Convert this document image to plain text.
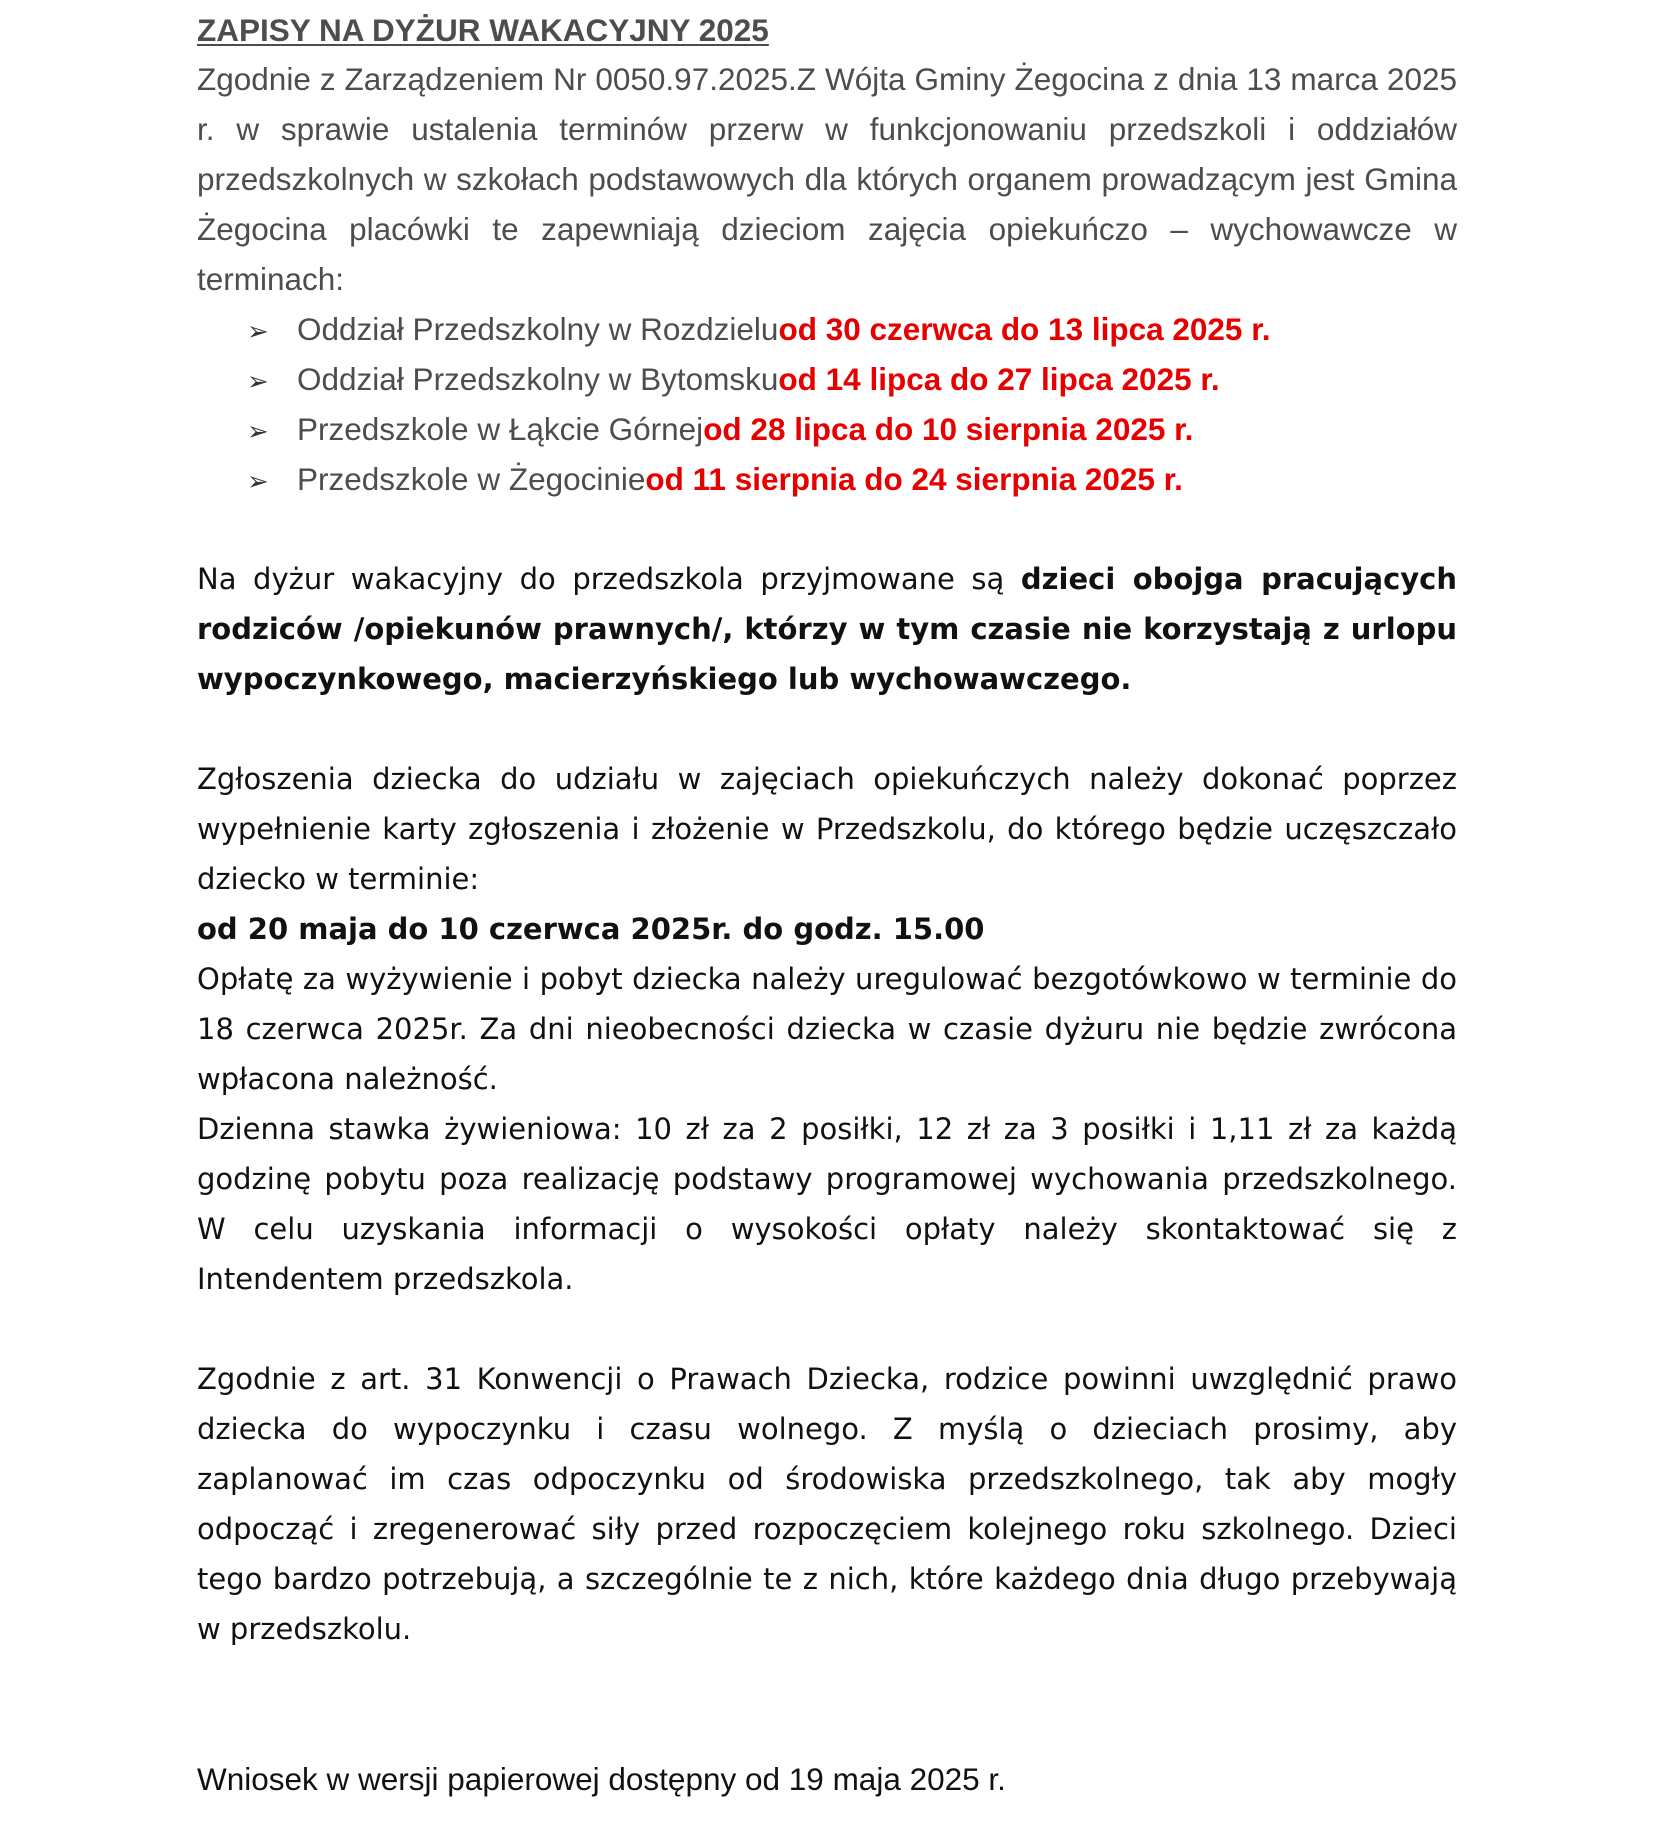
ZAPISY NA DYŻUR WAKACYJNY 2025

Zgodnie z Zarządzeniem Nr 0050.97.2025.Z Wójta Gminy Żegocina z dnia 13 marca 2025 r. w sprawie ustalenia terminów przerw w funkcjonowaniu przedszkoli i oddziałów przedszkolnych w szkołach podstawowych dla których organem prowadzącym jest Gmina Żegocina placówki te zapewniają dzieciom zajęcia opiekuńczo – wychowawcze w terminach:

➢ Oddział Przedszkolny w Rozdzielu od 30 czerwca do 13 lipca 2025 r.
➢ Oddział Przedszkolny w Bytomsku od 14 lipca do 27 lipca 2025 r.
➢ Przedszkole w Łąkcie Górnej od 28 lipca do 10 sierpnia 2025 r.
➢ Przedszkole w Żegocinie od 11 sierpnia do 24 sierpnia 2025 r.

Na dyżur wakacyjny do przedszkola przyjmowane są dzieci obojga pracujących rodziców /opiekunów prawnych/, którzy w tym czasie nie korzystają z urlopu wypoczynkowego, macierzyńskiego lub wychowawczego.

Zgłoszenia dziecka do udziału w zajęciach opiekuńczych należy dokonać poprzez wypełnienie karty zgłoszenia i złożenie w Przedszkolu, do którego będzie uczęszczało dziecko w terminie:

od 20 maja do 10 czerwca 2025r. do godz. 15.00

Opłatę za wyżywienie i pobyt dziecka należy uregulować bezgotówkowo w terminie do 18 czerwca 2025r. Za dni nieobecności dziecka w czasie dyżuru nie będzie zwrócona wpłacona należność.

Dzienna stawka żywieniowa: 10 zł za 2 posiłki, 12 zł za 3 posiłki i 1,11 zł za każdą godzinę pobytu poza realizację podstawy programowej wychowania przedszkolnego. W celu uzyskania informacji o wysokości opłaty należy skontaktować się z Intendentem przedszkola.

Zgodnie z art. 31 Konwencji o Prawach Dziecka, rodzice powinni uwzględnić prawo dziecka do wypoczynku i czasu wolnego. Z myślą o dzieciach prosimy, aby zaplanować im czas odpoczynku od środowiska przedszkolnego, tak aby mogły odpocząć i zregenerować siły przed rozpoczęciem kolejnego roku szkolnego. Dzieci tego bardzo potrzebują, a szczególnie te z nich, które każdego dnia długo przebywają w przedszkolu.

Wniosek w wersji papierowej dostępny od 19 maja 2025 r.
